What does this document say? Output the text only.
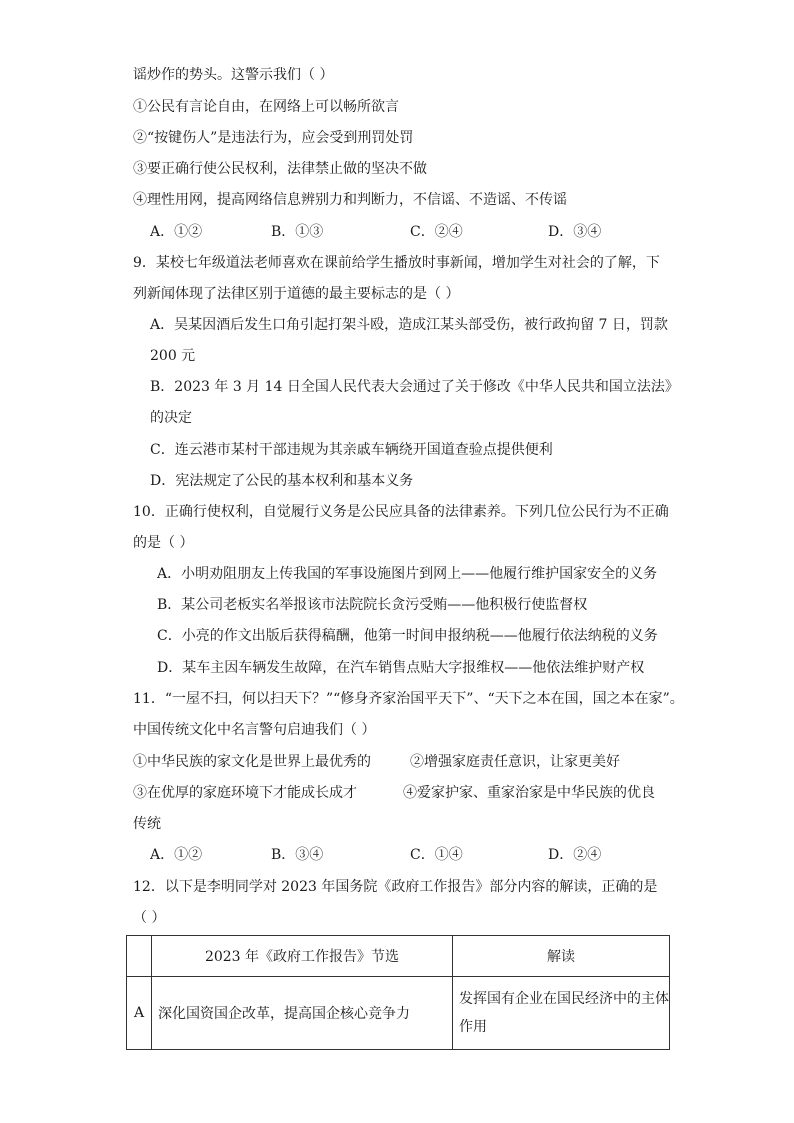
谣炒作的势头。这警示我们（ ）
①公民有言论自由，在网络上可以畅所欲言
②“按键伤人”是违法行为，应会受到刑罚处罚
③要正确行使公民权利，法律禁止做的坚决不做
④理性用网，提高网络信息辨别力和判断力，不信谣、不造谣、不传谣
A．①②	B．①③	C．②④	D．③④
9．某校七年级道法老师喜欢在课前给学生播放时事新闻，增加学生对社会的了解，下
列新闻体现了法律区别于道德的最主要标志的是（ ）
A．吴某因酒后发生口角引起打架斗殴，造成江某头部受伤，被行政拘留 7 日，罚款
200 元
B．2023 年 3 月 14 日全国人民代表大会通过了关于修改《中华人民共和国立法法》
的决定
C．连云港市某村干部违规为其亲戚车辆绕开国道查验点提供便利
D．宪法规定了公民的基本权利和基本义务
10．正确行使权利，自觉履行义务是公民应具备的法律素养。下列几位公民行为不正确
的是（ ）
A．小明劝阻朋友上传我国的军事设施图片到网上——他履行维护国家安全的义务
B．某公司老板实名举报该市法院院长贪污受贿——他积极行使监督权
C．小亮的作文出版后获得稿酬，他第一时间申报纳税——他履行依法纳税的义务
D．某车主因车辆发生故障，在汽车销售点贴大字报维权——他依法维护财产权
11．“一屋不扫，何以扫天下？”“修身齐家治国平天下”、“天下之本在国，国之本在家”。
中国传统文化中名言警句启迪我们（ ）
①中华民族的家文化是世界上最优秀的	②增强家庭责任意识，让家更美好
③在优厚的家庭环境下才能成长成才	④爱家护家、重家治家是中华民族的优良
传统
A．①②	B．③④	C．①④	D．②④
12．以下是李明同学对 2023 年国务院《政府工作报告》部分内容的解读，正确的是
（ ）
	2023 年《政府工作报告》节选	解读
A	深化国资国企改革，提高国企核心竞争力	发挥国有企业在国民经济中的主体作用
